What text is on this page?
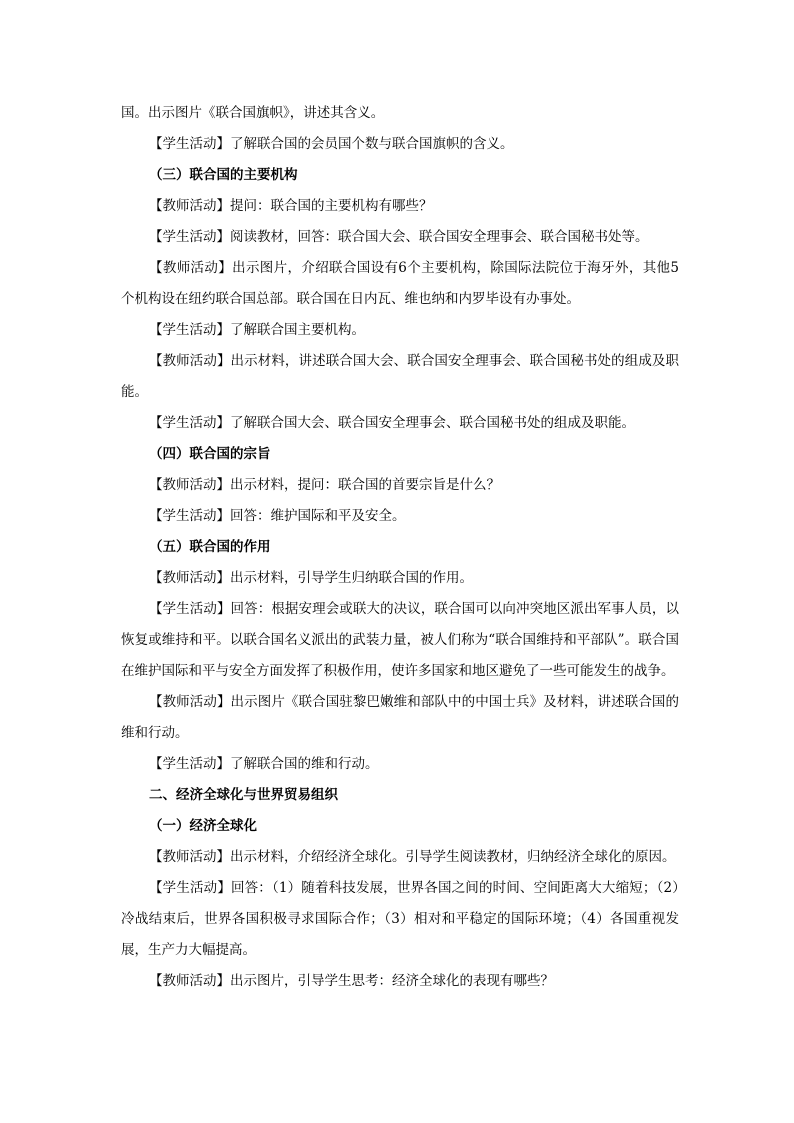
国。出示图片《联合国旗帜》，讲述其含义。

【学生活动】了解联合国的会员国个数与联合国旗帜的含义。

（三）联合国的主要机构

【教师活动】提问：联合国的主要机构有哪些？

【学生活动】阅读教材，回答：联合国大会、联合国安全理事会、联合国秘书处等。

【教师活动】出示图片，介绍联合国设有6个主要机构，除国际法院位于海牙外，其他5个机构设在纽约联合国总部。联合国在日内瓦、维也纳和内罗毕设有办事处。

【学生活动】了解联合国主要机构。

【教师活动】出示材料，讲述联合国大会、联合国安全理事会、联合国秘书处的组成及职能。

【学生活动】了解联合国大会、联合国安全理事会、联合国秘书处的组成及职能。

（四）联合国的宗旨

【教师活动】出示材料，提问：联合国的首要宗旨是什么？

【学生活动】回答：维护国际和平及安全。

（五）联合国的作用

【教师活动】出示材料，引导学生归纳联合国的作用。

【学生活动】回答：根据安理会或联大的决议，联合国可以向冲突地区派出军事人员，以恢复或维持和平。以联合国名义派出的武装力量，被人们称为“联合国维持和平部队”。联合国在维护国际和平与安全方面发挥了积极作用，使许多国家和地区避免了一些可能发生的战争。

【教师活动】出示图片《联合国驻黎巴嫩维和部队中的中国士兵》及材料，讲述联合国的维和行动。

【学生活动】了解联合国的维和行动。

二、经济全球化与世界贸易组织

（一）经济全球化

【教师活动】出示材料，介绍经济全球化。引导学生阅读教材，归纳经济全球化的原因。

【学生活动】回答：（1）随着科技发展，世界各国之间的时间、空间距离大大缩短；（2）冷战结束后，世界各国积极寻求国际合作；（3）相对和平稳定的国际环境；（4）各国重视发展，生产力大幅提高。

【教师活动】出示图片，引导学生思考：经济全球化的表现有哪些？
